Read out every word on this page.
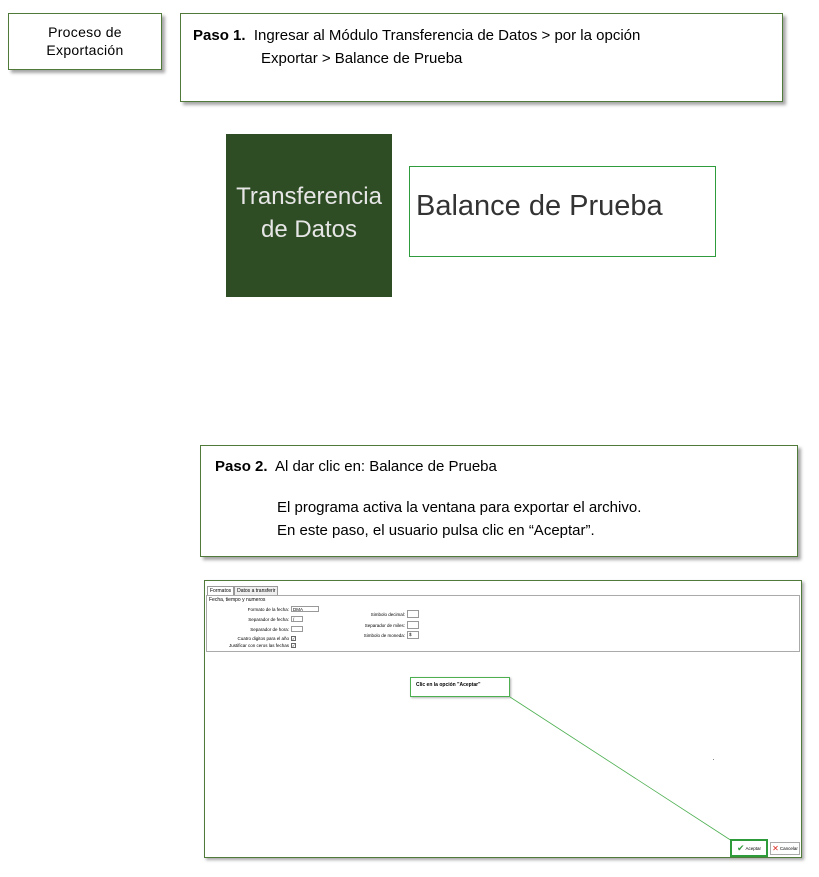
Proceso de
Exportación
Paso 1. Ingresar al Módulo Transferencia de Datos > por la opción
Exportar > Balance de Prueba
Transferencia
de Datos
Balance de Prueba
Paso 2. Al dar clic en: Balance de Prueba
El programa activa la ventana para exportar el archivo.
En este paso, el usuario pulsa clic en “Aceptar”.
Formatos	Datos a transferir
Fecha, tiempo y numeros
Formato de la fecha: DMA
Separador de fecha: /
Separador de hora:
Cuatro digitos para el año ✓
Justificar con ceros las fechas ✓
Simbolo decimal:
Separador de miles:
Simbolo de moneda: $
Clic en la opción "Aceptar"
✔ Aceptar ✕ Cancelar
